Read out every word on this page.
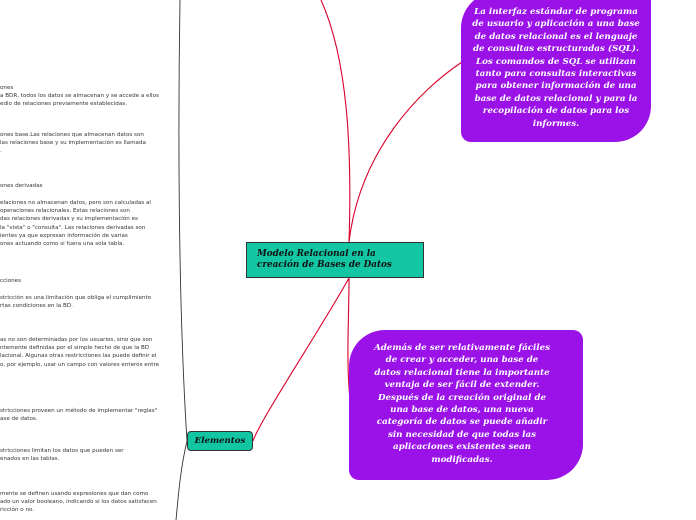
ones
a BDR, todos los datos se almacenan y se accede a ellos
edio de relaciones previamente establecidas.
ones base.Las relaciones que almacenan datos son
las relaciones base y su implementación es llamada
.
ones derivadas
elaciones no almacenan datos, pero son calculadas al
operaciones relacionales. Estas relaciones son
das relaciones derivadas y su implementación es
la "vista" o "consulta". Las relaciones derivadas son
ientes ya que expresan información de varias
ones actuando como si fuera una sola tabla.
cciones
stricción es una limitación que obliga el cumplimiento
rtas condiciones en la BD.
as no son determinadas por los usuarios, sino que son
ntemente definidas por el simple hecho de que la BD
lacional. Algunas otras restricciones las puede definir el
o, por ejemplo, usar un campo con valores enteros entre
stricciones proveen un método de implementar "reglas"
ase de datos.
stricciones limitan los datos que pueden ser
enados en las tablas.
mente se definen usando expresiones que dan como
ado un valor booleano, indicando si los datos satisfacen
ricción o no.
Modelo Relacional en la creación de Bases de Datos
Elementos
La interfaz estándar de programa de usuario y aplicación a una base de datos relacional es el lenguaje de consultas estructuradas (SQL). Los comandos de SQL se utilizan tanto para consultas interactivas para obtener información de una base de datos relacional y para la recopilación de datos para los informes.
Además de ser relativamente fáciles de crear y acceder, una base de datos relacional tiene la importante ventaja de ser fácil de extender. Después de la creación original de una base de datos, una nueva categoría de datos se puede añadir sin necesidad de que todas las aplicaciones existentes sean modificadas.
